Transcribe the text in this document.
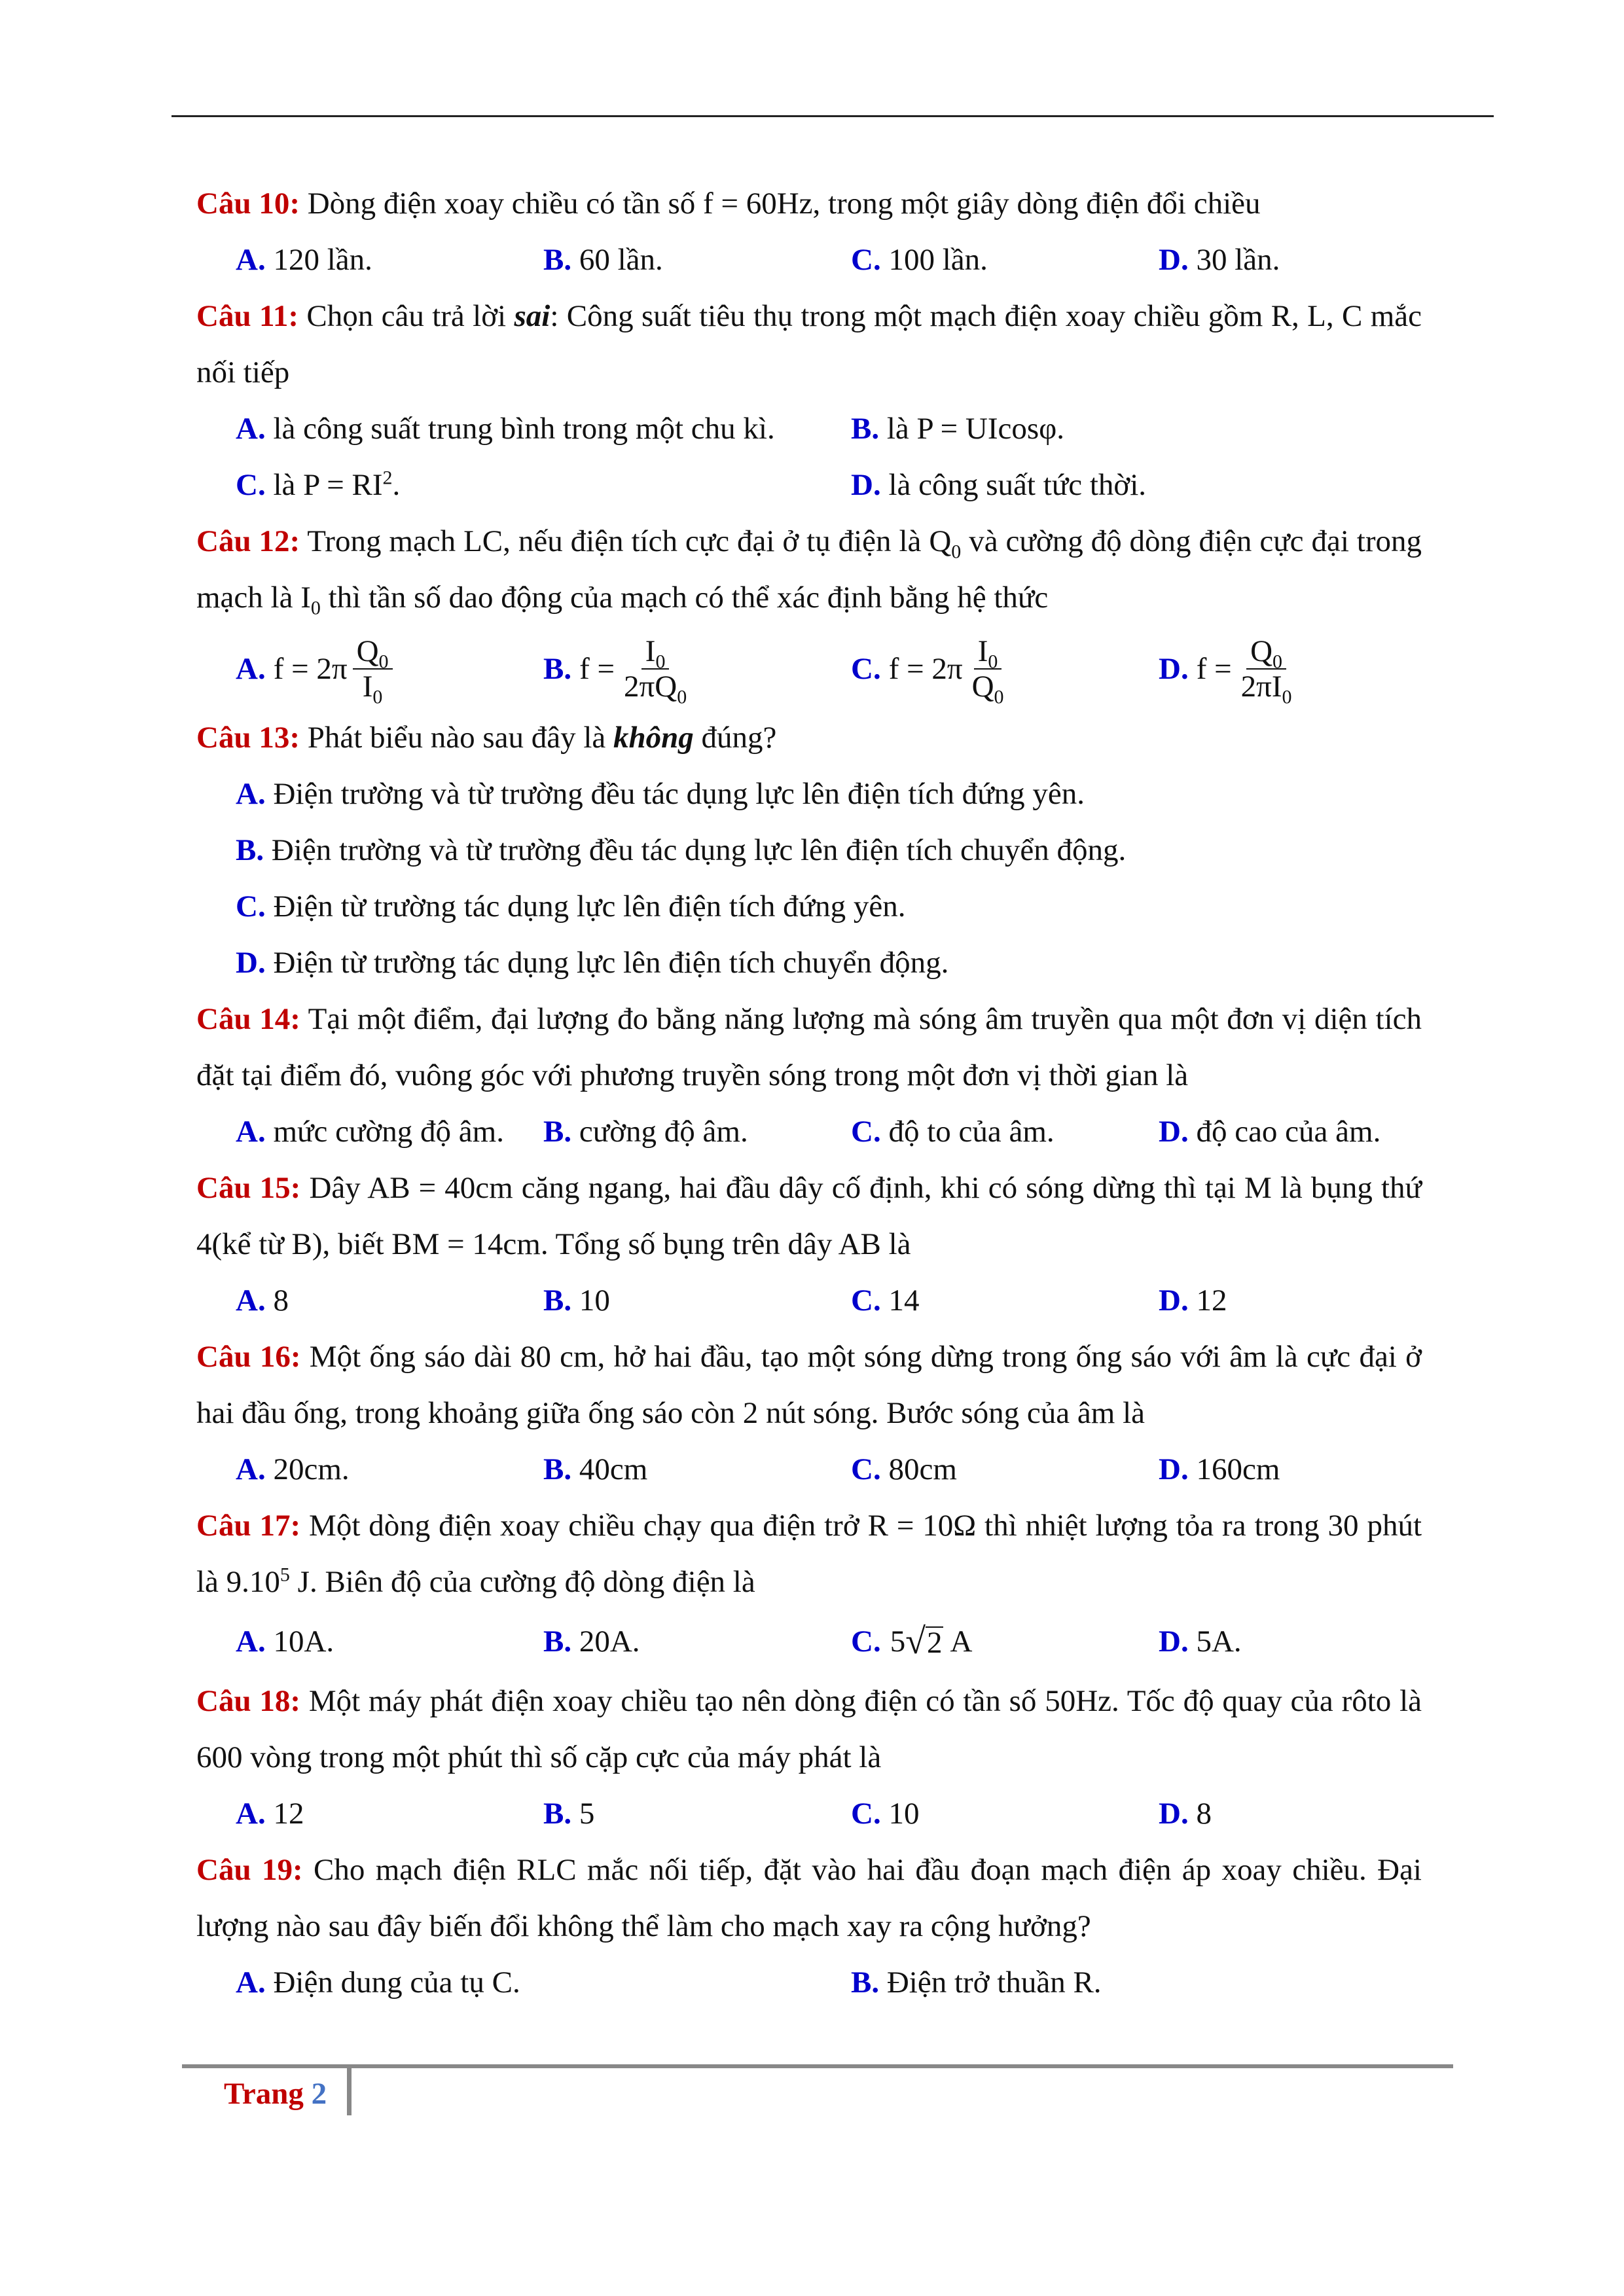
Câu 10: Dòng điện xoay chiều có tần số f = 60Hz, trong một giây dòng điện đổi chiều

A. 120 lần.	B. 60 lần.	C. 100 lần.	D. 30 lần.

Câu 11: Chọn câu trả lời sai: Công suất tiêu thụ trong một mạch điện xoay chiều gồm R, L, C mắc nối tiếp

A. là công suất trung bình trong một chu kì.	B. là P = UIcosφ.
C. là $P = RI^2$.	D. là công suất tức thời.

Câu 12: Trong mạch LC, nếu điện tích cực đại ở tụ điện là $Q_0$ và cường độ dòng điện cực đại trong mạch là $I_0$ thì tần số dao động của mạch có thể xác định bằng hệ thức

A. $f = 2\pi \frac{Q_0}{I_0}$	B. $f = \frac{I_0}{2\pi Q_0}$	C. $f = 2\pi \frac{I_0}{Q_0}$	D. $f = \frac{Q_0}{2\pi I_0}$

Câu 13: Phát biểu nào sau đây là không đúng?

A. Điện trường và từ trường đều tác dụng lực lên điện tích đứng yên.
B. Điện trường và từ trường đều tác dụng lực lên điện tích chuyển động.
C. Điện từ trường tác dụng lực lên điện tích đứng yên.
D. Điện từ trường tác dụng lực lên điện tích chuyển động.

Câu 14: Tại một điểm, đại lượng đo bằng năng lượng mà sóng âm truyền qua một đơn vị diện tích đặt tại điểm đó, vuông góc với phương truyền sóng trong một đơn vị thời gian là

A. mức cường độ âm.	B. cường độ âm.	C. độ to của âm.	D. độ cao của âm.

Câu 15: Dây AB = 40cm căng ngang, hai đầu dây cố định, khi có sóng dừng thì tại M là bụng thứ 4(kể từ B), biết BM = 14cm. Tổng số bụng trên dây AB là

A. 8	B. 10	C. 14	D. 12

Câu 16: Một ống sáo dài 80 cm, hở hai đầu, tạo một sóng dừng trong ống sáo với âm là cực đại ở hai đầu ống, trong khoảng giữa ống sáo còn 2 nút sóng. Bước sóng của âm là

A. 20cm.	B. 40cm	C. 80cm	D. 160cm

Câu 17: Một dòng điện xoay chiều chạy qua điện trở R = 10Ω thì nhiệt lượng tỏa ra trong 30 phút là 9.10$^5$ J. Biên độ của cường độ dòng điện là

A. 10A.	B. 20A.	C. 5 √ 2 A	D. 5A.

Câu 18: Một máy phát điện xoay chiều tạo nên dòng điện có tần số 50Hz. Tốc độ quay của rôto là 600 vòng trong một phút thì số cặp cực của máy phát là

A. 12	B. 5	C. 10	D. 8

Câu 19: Cho mạch điện RLC mắc nối tiếp, đặt vào hai đầu đoạn mạch điện áp xoay chiều. Đại lượng nào sau đây biến đổi không thể làm cho mạch xay ra cộng hưởng?

A. Điện dung của tụ C.	B. Điện trở thuần R.
Trang 2
